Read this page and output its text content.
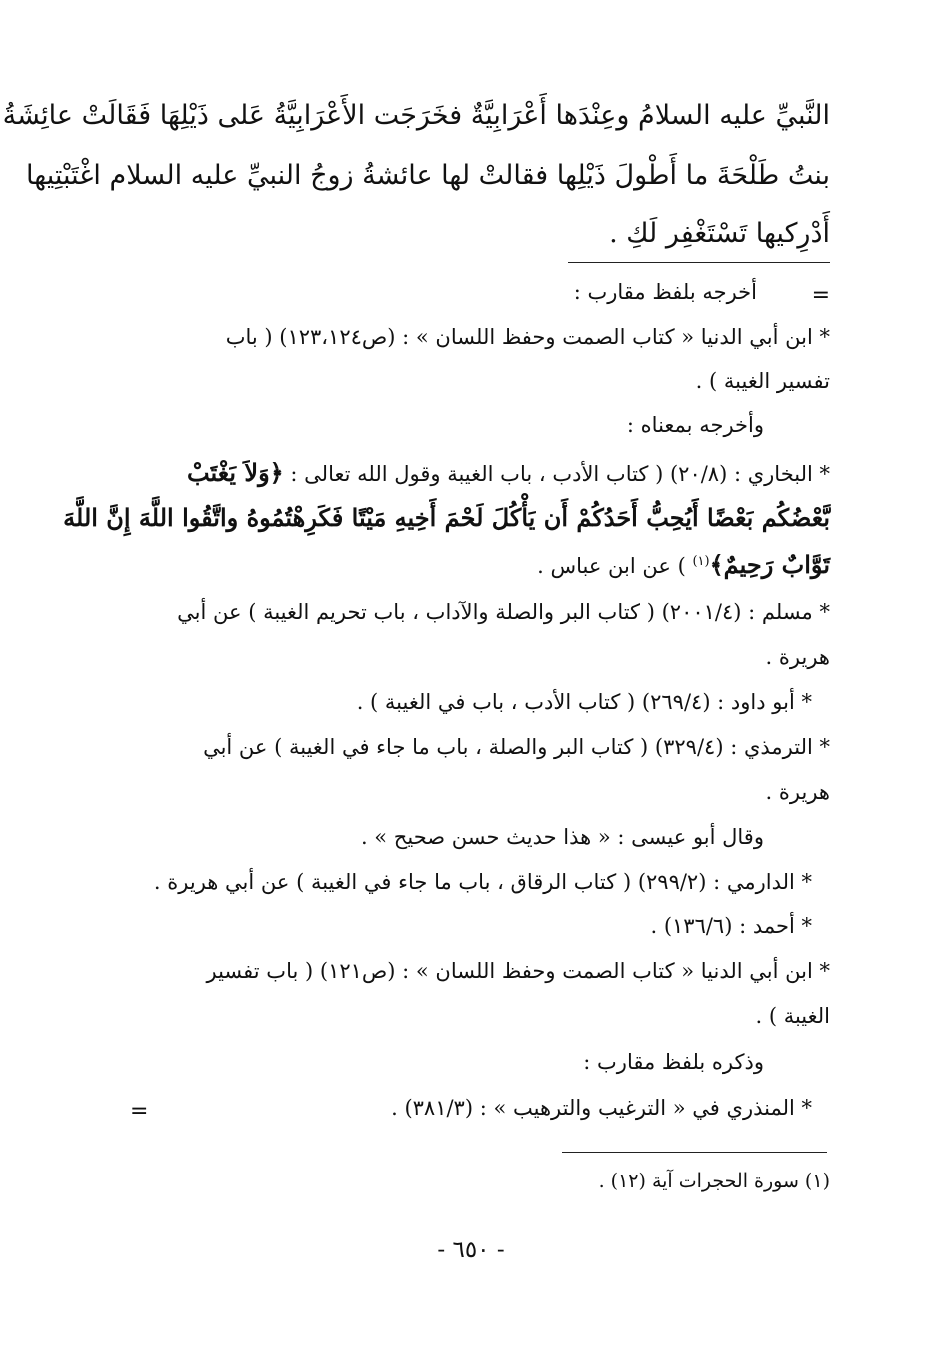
النَّبيِّ عليه السلامُ وعِنْدَها أَعْرَابِيَّةٌ فخَرَجَت الأَعْرَابِيَّةُ عَلى ذَيْلِهَا فَقَالَتْ عائِشَةُ
بنتُ طَلْحَةَ ما أَطْولَ ذَيْلِها فقالتْ لها عائشةُ زوجُ النبيِّ عليه السلام اغْتَبْتِيها
أَدْرِكيها تَسْتَغْفِر لَكِ .
=
أخرجه بلفظ مقارب :
* ابن أبي الدنيا « كتاب الصمت وحفظ اللسان » : (ص١٢٣،١٢٤) ( باب
تفسير الغيبة ) .
وأخرجه بمعناه :
* البخاري : (٢٠/٨) ( كتاب الأدب ، باب الغيبة وقول الله تعالى : ﴿وَلاَ يَغْتَبْ
بَّعْضُكُم بَعْضًا أَيُحِبُّ أَحَدُكُمْ أَن يَأْكُلَ لَحْمَ أَخِيهِ مَيْتًا فَكَرِهْتُمُوهُ واتَّقُوا اللَّهَ إِنَّ اللَّهَ
تَوَّابٌ رَحِيمٌ﴾$^{(١)}$ ) عن ابن عباس .
* مسلم : (٢٠٠١/٤) ( كتاب البر والصلة والآداب ، باب تحريم الغيبة ) عن أبي
هريرة .
* أبو داود : (٢٦٩/٤) ( كتاب الأدب ، باب في الغيبة ) .
* الترمذي : (٣٢٩/٤) ( كتاب البر والصلة ، باب ما جاء في الغيبة ) عن أبي
هريرة .
وقال أبو عيسى : « هذا حديث حسن صحيح » .
* الدارمي : (٢٩٩/٢) ( كتاب الرقاق ، باب ما جاء في الغيبة ) عن أبي هريرة .
* أحمد : (١٣٦/٦) .
* ابن أبي الدنيا « كتاب الصمت وحفظ اللسان » : (ص١٢١) ( باب تفسير
الغيبة ) .
وذكره بلفظ مقارب :
* المنذري في « الترغيب والترهيب » : (٣٨١/٣) .
=
(١) سورة الحجرات آية (١٢) .
- ٦٥٠ -
